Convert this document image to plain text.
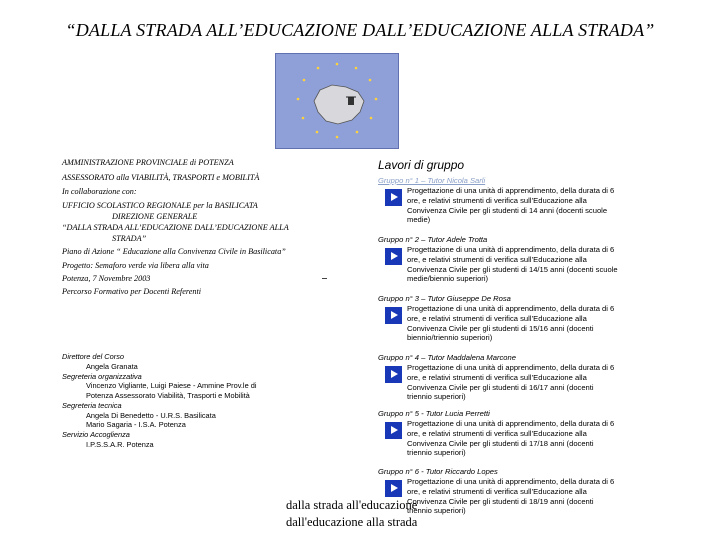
“DALLA STRADA ALL’EDUCAZIONE DALL’EDUCAZIONE ALLA STRADA”
AMMINISTRAZIONE PROVINCIALE di POTENZA
ASSESSORATO alla VIABILITÀ, TRASPORTI e MOBILITÀ
In collaborazione con:
UFFICIO SCOLASTICO REGIONALE per la BASILICATA
DIREZIONE GENERALE
“DALLA STRADA ALL’EDUCAZIONE DALL’EDUCAZIONE ALLA
STRADA”
Piano di Azione “ Educazione alla Convivenza Civile in Basilicata”
Progetto: Semaforo verde via libera alla vita
Potenza, 7 Novembre 2003
Percorso Formativo per Docenti Referenti
Direttore del Corso
Angela Granata
Segreteria organizzativa
Vincenzo Vigliante, Luigi Paiese - Ammine Prov.le di
Potenza Assessorato Viabilità, Trasporti e Mobilità
Segreteria tecnica
Angela Di Benedetto - U.R.S. Basilicata
Mario Sagaria - I.S.A. Potenza
Servizio Accoglienza
I.P.S.S.A.R. Potenza
Lavori di gruppo
Gruppo n° 1 – Tutor Nicola Sarli
Progettazione di una unità di apprendimento, della durata di 6
ore, e relativi strumenti di verifica sull’Educazione alla
Convivenza Civile per gli studenti di 14 anni (docenti scuole
medie)
Gruppo n° 2 – Tutor Adele Trotta
Progettazione di una unità di apprendimento, della durata di 6
ore, e relativi strumenti di verifica sull’Educazione alla
Convivenza Civile per gli studenti di 14/15 anni (docenti scuole
medie/biennio superiori)
Gruppo n° 3 – Tutor Giuseppe De Rosa
Progettazione di una unità di apprendimento, della durata di 6
ore, e relativi strumenti di verifica sull’Educazione alla
Convivenza Civile per gli studenti di 15/16 anni (docenti
biennio/triennio superiori)
Gruppo n° 4 – Tutor Maddalena Marcone
Progettazione di una unità di apprendimento, della durata di 6
ore, e relativi strumenti di verifica sull’Educazione alla
Convivenza Civile per gli studenti di 16/17 anni (docenti
triennio superiori)
Gruppo n° 5 - Tutor Lucia Perretti
Progettazione di una unità di apprendimento, della durata di 6
ore, e relativi strumenti di verifica sull’Educazione alla
Convivenza Civile per gli studenti di 17/18 anni (docenti
triennio superiori)
Gruppo n° 6 - Tutor Riccardo Lopes
Progettazione di una unità di apprendimento, della durata di 6
ore, e relativi strumenti di verifica sull’Educazione alla
Convivenza Civile per gli studenti di 18/19 anni (docenti
triennio superiori)
dalla strada all'educazione
dall'educazione alla strada
